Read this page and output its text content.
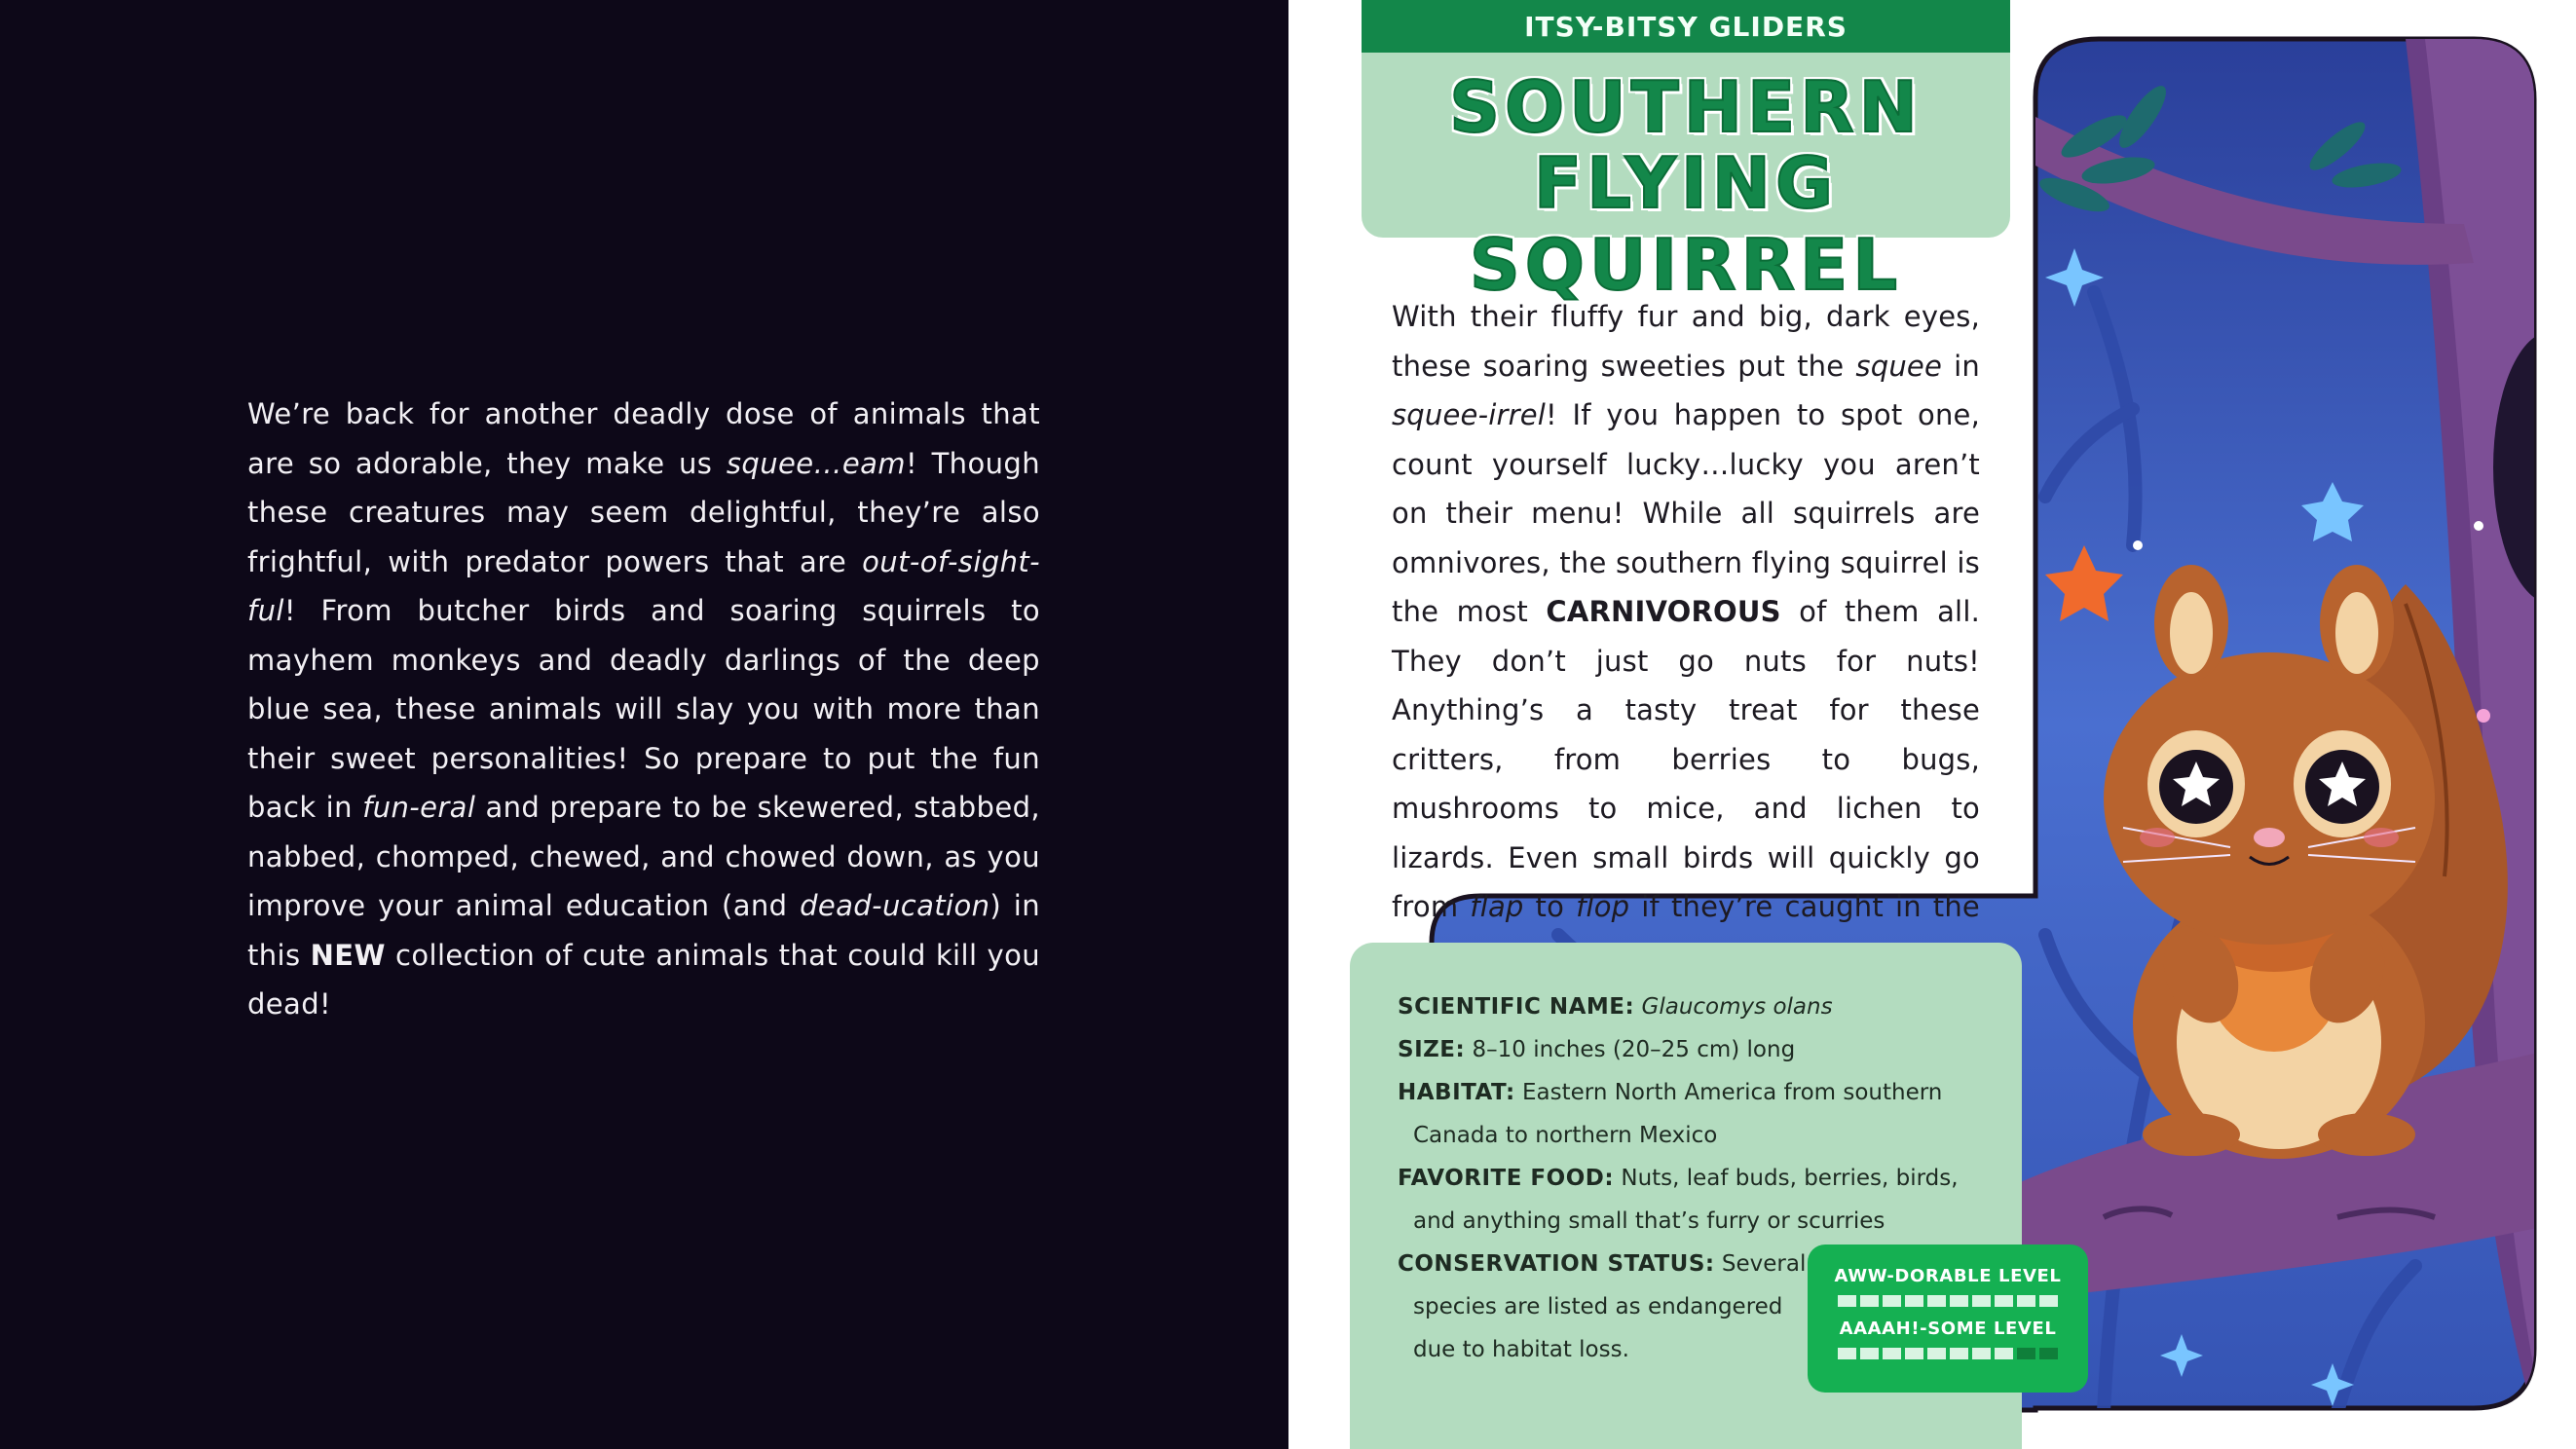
We’re back for another deadly dose of animals that are so adorable, they make us squee…eam! Though these creatures may seem delightful, they’re also frightful, with predator powers that are out-of-sight-ful! From butcher birds and soaring squirrels to mayhem monkeys and deadly darlings of the deep blue sea, these animals will slay you with more than their sweet personalities! So prepare to put the fun back in fun-eral and prepare to be skewered, stabbed, nabbed, chomped, chewed, and chowed down, as you improve your animal education (and dead-ucation) in this NEW collection of cute animals that could kill you dead!

ITSY-BITSY GLIDERS
SOUTHERN
FLYING SQUIRREL

With their fluffy fur and big, dark eyes, these soaring sweeties put the squee in squee-irrel! If you happen to spot one, count yourself lucky…lucky you aren’t on their menu! While all squirrels are omnivores, the southern flying squirrel is the most CARNIVOROUS of them all. They don’t just go nuts for nuts! Anything’s a tasty treat for these critters, from berries to bugs, mushrooms to mice, and lichen to lizards. Even small birds will quickly go from flap to flop if they’re caught in the

SCIENTIFIC NAME: Glaucomys olans
SIZE: 8–10 inches (20–25 cm) long
HABITAT: Eastern North America from southern
Canada to northern Mexico
FAVORITE FOOD: Nuts, leaf buds, berries, birds,
and anything small that’s furry or scurries
CONSERVATION STATUS: Several
species are listed as endangered
due to habitat loss.
AWW-DORABLE LEVEL
AAAAH!-SOME LEVEL
